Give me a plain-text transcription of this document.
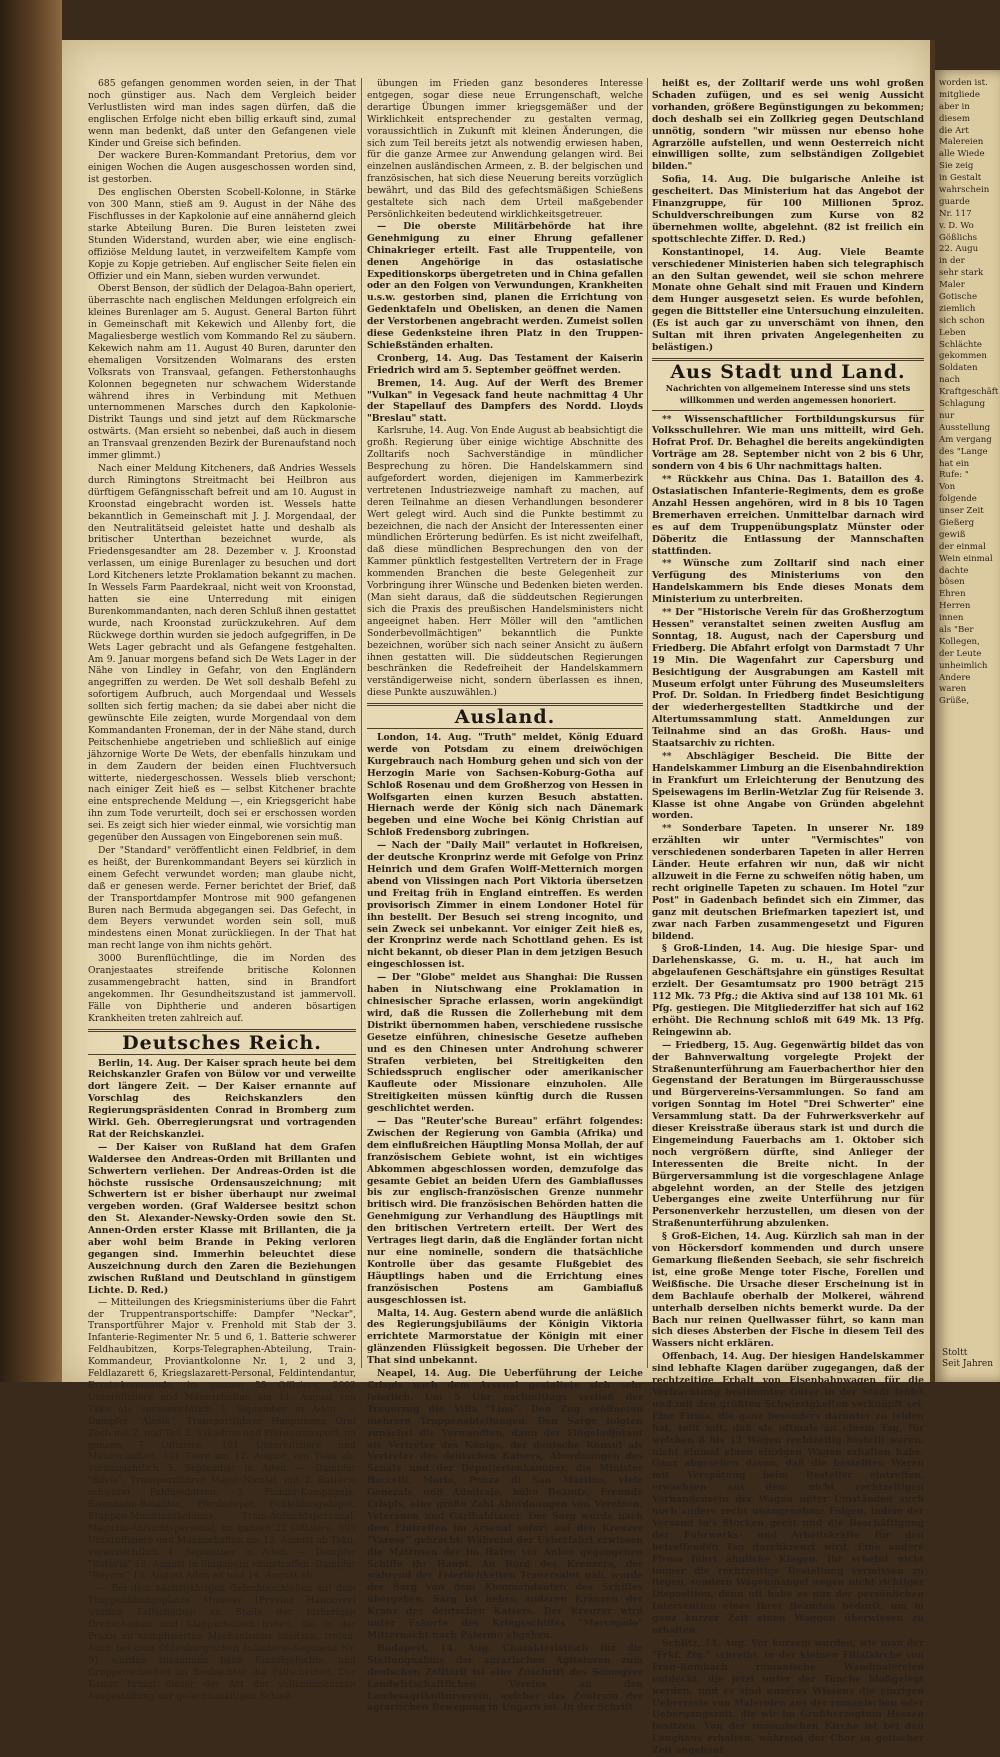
685 gefangen genommen worden seien, in der That noch günstiger aus. Nach dem Vergleich beider Verlustlisten wird man indes sagen dürfen, daß die englischen Erfolge nicht eben billig erkauft sind, zumal wenn man bedenkt, daß unter den Gefangenen viele Kinder und Greise sich befinden.

Der wackere Buren-Kommandant Pretorius, dem vor einigen Wochen die Augen ausgeschossen worden sind, ist gestorben.

Des englischen Obersten Scobell-Kolonne, in Stärke von 300 Mann, stieß am 9. August in der Nähe des Fischflusses in der Kapkolonie auf eine annähernd gleich starke Abteilung Buren. Die Buren leisteten zwei Stunden Widerstand, wurden aber, wie eine englisch-offiziöse Meldung lautet, in verzweifeltem Kampfe vom Kopje zu Kopje getrieben. Auf englischer Seite fielen ein Offizier und ein Mann, sieben wurden verwundet.

Oberst Benson, der südlich der Delagoa-Bahn operiert, überraschte nach englischen Meldungen erfolgreich ein kleines Burenlager am 5. August. General Barton führt in Gemeinschaft mit Kekewich und Allenby fort, die Magaliesberge westlich vom Kommando Rel zu säubern. Kekewich nahm am 11. August 40 Buren, darunter den ehemaligen Vorsitzenden Wolmarans des ersten Volksrats von Transvaal, gefangen. Fetherstonhaughs Kolonnen begegneten nur schwachem Widerstande während ihres in Verbindung mit Methuen unternommenen Marsches durch den Kapkolonie-Distrikt Taungs und sind jetzt auf dem Rückmarsche ostwärts. (Man ersieht so nebenbei, daß auch in diesem an Transvaal grenzenden Bezirk der Burenaufstand noch immer glimmt.)

Nach einer Meldung Kitcheners, daß Andries Wessels durch Rimingtons Streitmacht bei Heilbron aus dürftigem Gefängnisschaft befreit und am 10. August in Kroonstad eingebracht worden ist. Wessels hatte bekanntlich in Gemeinschaft mit J. J. Morgendaal, der den Neutralitätseid geleistet hatte und deshalb als britischer Unterthan bezeichnet wurde, als Friedensgesandter am 28. Dezember v. J. Kroonstad verlassen, um einige Burenlager zu besuchen und dort Lord Kitcheners letzte Proklamation bekannt zu machen. In Wessels Farm Paardekraal, nicht weit von Kroonstad, hatten sie eine Unterredung mit einigen Burenkommandanten, nach deren Schluß ihnen gestattet wurde, nach Kroonstad zurückzukehren. Auf dem Rückwege dorthin wurden sie jedoch aufgegriffen, in De Wets Lager gebracht und als Gefangene festgehalten. Am 9. Januar morgens befand sich De Wets Lager in der Nähe von Lindley in Gefahr, von den Engländern angegriffen zu werden. De Wet soll deshalb Befehl zu sofortigem Aufbruch, auch Morgendaal und Wessels sollten sich fertig machen; da sie dabei aber nicht die gewünschte Eile zeigten, wurde Morgendaal von dem Kommandanten Froneman, der in der Nähe stand, durch Peitschenhiebe angetrieben und schließlich auf einige jähzornige Worte De Wets, der ebenfalls hinzukam und in dem Zaudern der beiden einen Fluchtversuch witterte, niedergeschossen. Wessels blieb verschont; nach einiger Zeit hieß es — selbst Kitchener brachte eine entsprechende Meldung —, ein Kriegsgericht habe ihn zum Tode verurteilt, doch sei er erschossen worden sei. Es zeigt sich hier wieder einmal, wie vorsichtig man gegenüber den Aussagen von Eingeborenen sein muß.

Der "Standard" veröffentlicht einen Feldbrief, in dem es heißt, der Burenkommandant Beyers sei kürzlich in einem Gefecht verwundet worden; man glaube nicht, daß er genesen werde. Ferner berichtet der Brief, daß der Transportdampfer Montrose mit 900 gefangenen Buren nach Bermuda abgegangen sei. Das Gefecht, in dem Beyers verwundet worden sein soll, muß mindestens einen Monat zurückliegen. In der That hat man recht lange von ihm nichts gehört.

3000 Burenflüchtlinge, die im Norden des Oranjestaates streifende britische Kolonnen zusammengebracht hatten, sind in Brandfort angekommen. Ihr Gesundheitszustand ist jammervoll. Fälle von Diphtherie und anderen bösartigen Krankheiten treten zahlreich auf.

Deutsches Reich.

Berlin, 14. Aug. Der Kaiser sprach heute bei dem Reichskanzler Grafen von Bülow vor und verweilte dort längere Zeit. — Der Kaiser ernannte auf Vorschlag des Reichskanzlers den Regierungspräsidenten Conrad in Bromberg zum Wirkl. Geh. Oberregierungsrat und vortragenden Rat der Reichskanzlei.

— Der Kaiser von Rußland hat dem Grafen Waldersee den Andreas-Orden mit Brillanten und Schwertern verliehen. Der Andreas-Orden ist die höchste russische Ordensauszeichnung; mit Schwertern ist er bisher überhaupt nur zweimal vergeben worden. (Graf Waldersee besitzt schon den St. Alexander-Newsky-Orden sowie den St. Annen-Orden erster Klasse mit Brillanten, die ja aber wohl beim Brande in Peking verloren gegangen sind. Immerhin beleuchtet diese Auszeichnung durch den Zaren die Beziehungen zwischen Rußland und Deutschland in günstigem Lichte. D. Red.)

— Mitteilungen des Kriegsministeriums über die Fahrt der Truppentransportschiffe: Dampfer "Neckar", Transportführer Major v. Frenhold mit Stab der 3. Infanterie-Regimenter Nr. 5 und 6, 1. Batterie schwerer Feldhaubitzen, Korps-Telegraphen-Abteilung, Train-Kommandeur, Proviantkolonne Nr. 1, 2 und 3, Feldlazarett 6, Kriegslazarett-Personal, Feldintendantur, Ersatz-kommando, im ganzen 55 Offiziere, 2002 Unteroffiziere und Mannschaften am 11. August von Taku ab; voraussichtlich 3. September in Aden. — Dampfer "Alesia", Transportführer Hauptmann Graf Zech mit 2. und Teil 3. Eskadron und Pferdetransport, im ganzen 7 Offiziere, 101 Unteroffiziere und Mannschaften, 401 Tiere am 12. August von Taku ab, voraussichtlich 3. September in Aden. — Dampfer "Silvia", Transportführer Major Nicolai, mit 2. Batterie schwerer Feldhaubitzen, 3. Pionier-Kompagnie, Eisenbahn-Bataillon, Pferdedepot, Bekleidungsdepot, Etappen-Munitionskolonne, Train-Aufsichtspersonal, Magazin-Aufsichtspersonal, im ganzen 22 Offiziere, 995 Unteroffiziere und Mannschaften am 12. August ab Taku, voraussichtlich 4. September in Aden. — Dampfer "Batavia" 13. August in Singapore eingetroffen. Dampfer "Bayern" 13. August Aden an und 14. August ab.

— Bei dem nächstjährigen Gefechtsschießen auf dem Truppenübungsplatze Munster (Provinz Hannover) werden Fallscheiben an Stelle der bisherigen Drehscheiben und Klappscheiben treten, die in der Praxis zu komplizierten Mechanismus besitzen, treten. Auch bei dem Oldenburgischen Infanterie-Regiment Nr. 91 werden zusammen beim Einzelgefechts- und Gruppenschießen im Beobachter die Fallscheiben. Der Kaiser bringt dieser der Art der vollkommeneren Ausgestaltung der gefechtsmäßigen Schieß-

übungen im Frieden ganz besonderes Interesse entgegen, sogar diese neue Errungenschaft, welche derartige Übungen immer kriegsgemäßer und der Wirklichkeit entsprechender zu gestalten vermag, voraussichtlich in Zukunft mit kleinen Änderungen, die sich zum Teil bereits jetzt als notwendig erwiesen haben, für die ganze Armee zur Anwendung gelangen wird. Bei einzelnen ausländischen Armeen, z. B. der belgischen und französischen, hat sich diese Neuerung bereits vorzüglich bewährt, und das Bild des gefechtsmäßigen Schießens gestaltete sich nach dem Urteil maßgebender Persönlichkeiten bedeutend wirklichkeitsgetreuer.

— Die oberste Militärbehörde hat ihre Genehmigung zu einer Ehrung gefallener Chinakrieger erteilt. Fast alle Truppenteile, von denen Angehörige in das ostasiatische Expeditionskorps übergetreten und in China gefallen oder an den Folgen von Verwundungen, Krankheiten u.s.w. gestorben sind, planen die Errichtung von Gedenktafeln und Obelisken, an denen die Namen der Verstorbenen angebracht werden. Zumeist sollen diese Gedenksteine ihren Platz in den Truppen-Schießständen erhalten.

Cronberg, 14. Aug. Das Testament der Kaiserin Friedrich wird am 5. September geöffnet werden.

Bremen, 14. Aug. Auf der Werft des Bremer "Vulkan" in Vegesack fand heute nachmittag 4 Uhr der Stapellauf des Dampfers des Nordd. Lloyds "Breslau" statt.

Karlsruhe, 14. Aug. Von Ende August ab beabsichtigt die großh. Regierung über einige wichtige Abschnitte des Zolltarifs noch Sachverständige in mündlicher Besprechung zu hören. Die Handelskammern sind aufgefordert worden, diejenigen im Kammerbezirk vertretenen Industriezweige namhaft zu machen, auf deren Teilnahme an diesen Verhandlungen besonderer Wert gelegt wird. Auch sind die Punkte bestimmt zu bezeichnen, die nach der Ansicht der Interessenten einer mündlichen Erörterung bedürfen. Es ist nicht zweifelhaft, daß diese mündlichen Besprechungen den von der Kammer pünktlich festgestellten Vertretern der in Frage kommenden Branchen die beste Gelegenheit zur Vorbringung ihrer Wünsche und Bedenken bieten werden. (Man sieht daraus, daß die süddeutschen Regierungen sich die Praxis des preußischen Handelsministers nicht angeeignet haben. Herr Möller will den "amtlichen Sonderbevollmächtigen" bekanntlich die Punkte bezeichnen, worüber sich nach seiner Ansicht zu äußern ihnen gestatten will. Die süddeutschen Regierungen beschränken die Redefreiheit der Handelskammern verständigerweise nicht, sondern überlassen es ihnen, diese Punkte auszuwählen.)

Ausland.

London, 14. Aug. "Truth" meldet, König Eduard werde von Potsdam zu einem dreiwöchigen Kurgebrauch nach Homburg gehen und sich von der Herzogin Marie von Sachsen-Koburg-Gotha auf Schloß Rosenau und dem Großherzog von Hessen in Wolfsgarten einen kurzen Besuch abstatten. Hiernach werde der König sich nach Dänemark begeben und eine Woche bei König Christian auf Schloß Fredensborg zubringen.

— Nach der "Daily Mail" verlautet in Hofkreisen, der deutsche Kronprinz werde mit Gefolge von Prinz Heinrich und dem Grafen Wolff-Metternich morgen abend von Vlissingen nach Port Viktoria übersetzen und Freitag früh in England eintreffen. Es werden provisorisch Zimmer in einem Londoner Hotel für ihn bestellt. Der Besuch sei streng incognito, und sein Zweck sei unbekannt. Vor einiger Zeit hieß es, der Kronprinz werde nach Schottland gehen. Es ist nicht bekannt, ob dieser Plan in dem jetzigen Besuch eingeschlossen ist.

— Der "Globe" meldet aus Shanghai: Die Russen haben in Niutschwang eine Proklamation in chinesischer Sprache erlassen, worin angekündigt wird, daß die Russen die Zollerhebung mit dem Distrikt übernommen haben, verschiedene russische Gesetze einführen, chinesische Gesetze aufheben und es den Chinesen unter Androhung schwerer Strafen verbieten, bei Streitigkeiten den Schiedsspruch englischer oder amerikanischer Kaufleute oder Missionare einzuholen. Alle Streitigkeiten müssen künftig durch die Russen geschlichtet werden.

— Das "Reuter'sche Bureau" erfährt folgendes: Zwischen der Regierung von Gambia (Afrika) und dem einflußreichen Häuptling Monsa Mollah, der auf französischem Gebiete wohnt, ist ein wichtiges Abkommen abgeschlossen worden, demzufolge das gesamte Gebiet an beiden Ufern des Gambiaflusses bis zur englisch-französischen Grenze nunmehr britisch wird. Die französischen Behörden hatten die Genehmigung zur Verhandlung des Häuptlings mit den britischen Vertretern erteilt. Der Wert des Vertrages liegt darin, daß die Engländer fortan nicht nur eine nominelle, sondern die thatsächliche Kontrolle über das gesamte Flußgebiet des Häuptlings haben und die Errichtung eines französischen Postens am Gambiafluß ausgeschlossen ist.

Malta, 14. Aug. Gestern abend wurde die anläßlich des Regierungsjubiläums der Königin Viktoria errichtete Marmorstatue der Königin mit einer glänzenden Flüssigkeit begossen. Die Urheber der That sind unbekannt.

Neapel, 14. Aug. Die Ueberführung der Leiche Crispis nach dem Arsenal gestaltete sich sehr feierlich. Um 5 Uhr nachmittags verließ der Trauerzug die Villa "Lina". Den Zug eröffneten mehrere Truppenabteilungen. Den Sarge folgten zunächst die Verwandten, dann der Flügeladjutant als Vertreter des Königs, der deutsche Konsul als Vertreter des deutschen Kaisers, Abordnungen des Senats und der Deputiertenkammer, die Minister Baccelli, Morin, Ponza di San Martino, viele Generale und Admirale, hohe Beamte, Freunde Crispis, eine große Zahl Abordnungen von Vereinen, Veteranen und Garibaldianer. Der Sarg wurde nach dem Eintreffen im Arsenal sofort auf den Kreuzer "Varese" gebracht. Während der Ueberfahrt erwiesen die Matrosen der im Hafen vor Anker gegangenen Schiffe ihr Haupt. An Bord des Kreuzers, der während der Feierlichkeiten Trauersalut gab, wurde der Sarg von dem Kommandanten des Schiffes übergeben. Sarg ist neben anderen Kränzen der Kranz des deutschen Kaisers. Der Kreuzer wird unter Eskorte des Kriegsschiffes "Marcopolo" Mitternacht nach Palermo abgehen.

Budapest, 14. Aug. Charakteristisch für die Stellungnahme der agrarischen Agitatoren zum deutschen Zolltarif ist eine Zuschrift des Somogyer Landwirtschaftlichen Vereins an den Landesagrikulturverein, welcher das Zentrum der agrarischen Bewegung in Ungarn ist. In der Schrift

heißt es, der Zolltarif werde uns wohl großen Schaden zufügen, und es sei wenig Aussicht vorhanden, größere Begünstigungen zu bekommen; doch deshalb sei ein Zollkrieg gegen Deutschland unnötig, sondern "wir müssen nur ebenso hohe Agrarzölle aufstellen, und wenn Oesterreich nicht einwilligen sollte, zum selbständigen Zollgebiet bilden."

Sofia, 14. Aug. Die bulgarische Anleihe ist gescheitert. Das Ministerium hat das Angebot der Finanzgruppe, für 100 Millionen 5proz. Schuldverschreibungen zum Kurse von 82 übernehmen wollte, abgelehnt. (82 ist freilich ein spottschlechte Ziffer. D. Red.)

Konstantinopel, 14. Aug. Viele Beamte verschiedener Ministerien haben sich telegraphisch an den Sultan gewendet, weil sie schon mehrere Monate ohne Gehalt sind mit Frauen und Kindern dem Hunger ausgesetzt seien. Es wurde befohlen, gegen die Bittsteller eine Untersuchung einzuleiten. (Es ist auch gar zu unverschämt von ihnen, den Sultan mit ihren privaten Angelegenheiten zu belästigen.)

Aus Stadt und Land.
Nachrichten von allgemeinem Interesse sind uns stets willkommen und werden angemessen honoriert.

** Wissenschaftlicher Fortbildungskursus für Volksschullehrer. Wie man uns mitteilt, wird Geh. Hofrat Prof. Dr. Behaghel die bereits angekündigten Vorträge am 28. September nicht von 2 bis 6 Uhr, sondern von 4 bis 6 Uhr nachmittags halten.

** Rückkehr aus China. Das 1. Bataillon des 4. Ostasiatischen Infanterie-Regiments, dem es große Anzahl Hessen angehören, wird in 8 bis 10 Tagen Bremerhaven erreichen. Unmittelbar darnach wird es auf dem Truppenübungsplatz Münster oder Döberitz die Entlassung der Mannschaften stattfinden.

** Wünsche zum Zolltarif sind nach einer Verfügung des Ministeriums von den Handelskammern bis Ende dieses Monats dem Ministerium zu unterbreiten.

** Der "Historische Verein für das Großherzogtum Hessen" veranstaltet seinen zweiten Ausflug am Sonntag, 18. August, nach der Capersburg und Friedberg. Die Abfahrt erfolgt von Darmstadt 7 Uhr 19 Min. Die Wagenfahrt zur Capersburg und Besichtigung der Ausgrabungen am Kastell mit Museum erfolgt unter Führung des Museumsleiters Prof. Dr. Soldan. In Friedberg findet Besichtigung der wiederhergestellten Stadtkirche und der Altertumssammlung statt. Anmeldungen zur Teilnahme sind an das Großh. Haus- und Staatsarchiv zu richten.

** Abschlägiger Bescheid. Die Bitte der Handelskammer Limburg an die Eisenbahndirektion in Frankfurt um Erleichterung der Benutzung des Speisewagens im Berlin-Wetzlar Zug für Reisende 3. Klasse ist ohne Angabe von Gründen abgelehnt worden.

** Sonderbare Tapeten. In unserer Nr. 189 erzählten wir unter "Vermischtes" von verschiedenen sonderbaren Tapeten in aller Herren Länder. Heute erfahren wir nun, daß wir nicht allzuweit in die Ferne zu schweifen nötig haben, um recht originelle Tapeten zu schauen. Im Hotel "zur Post" in Gadenbach befindet sich ein Zimmer, das ganz mit deutschen Briefmarken tapeziert ist, und zwar nach Farben zusammengesetzt und Figuren bildend.

§ Groß-Linden, 14. Aug. Die hiesige Spar- und Darlehenskasse, G. m. u. H., hat auch im abgelaufenen Geschäftsjahre ein günstiges Resultat erzielt. Der Gesamtumsatz pro 1900 beträgt 215 112 Mk. 73 Pfg.; die Aktiva sind auf 138 101 Mk. 61 Pfg. gestiegen. Die Mitgliederziffer hat sich auf 162 erhöht. Die Rechnung schloß mit 649 Mk. 13 Pfg. Reingewinn ab.

— Friedberg, 15. Aug. Gegenwärtig bildet das von der Bahnverwaltung vorgelegte Projekt der Straßenunterführung am Fauerbacherthor hier den Gegenstand der Beratungen im Bürgerausschusse und Bürgervereins-Versammlungen. So fand am vorigen Sonntag im Hotel "Drei Schwerter" eine Versammlung statt. Da der Fuhrwerksverkehr auf dieser Kreisstraße überaus stark ist und durch die Eingemeindung Fauerbachs am 1. Oktober sich noch vergrößern dürfte, sind Anlieger der Interessenten die Breite nicht. In der Bürgerversammlung ist die vorgeschlagene Anlage abgelehnt worden, an der Stelle des jetzigen Ueberganges eine zweite Unterführung nur für Personenverkehr herzustellen, um diesen von der Straßenunterführung abzulenken.

§ Groß-Eichen, 14. Aug. Kürzlich sah man in der von Höckersdorf kommenden und durch unsere Gemarkung fließenden Seebach, sie sehr fischreich ist, eine große Menge toter Fische, Forellen und Weißfische. Die Ursache dieser Erscheinung ist in dem Bachlaufe oberhalb der Molkerei, während unterhalb derselben nichts bemerkt wurde. Da der Bach nur reinen Quellwasser führt, so kann man sich dieses Absterben der Fische in diesem Teil des Wassers nicht erklären.

Offenbach, 14. Aug. Der hiesigen Handelskammer sind lebhafte Klagen darüber zugegangen, daß der rechtzeitige Erhalt von Eisenbahnwagen für die Verfrachtung bestimmter Güter in der Stadt leidet und mit den größten Schwierigkeiten verknüpft sei. Eine Firma, die ganz besonders darunter zu leiden hat, teilt mit, daß sie oftmals an einem Tag, für welchen 8 bis 12 Wagen rechtzeitig bestellt waren, nicht einmal einen einzigen Wagen erhalten habe. Ganz abgesehen davon, daß die bestellten Waren mit Verspätung beim Besteller eintreffen, erwachsen aus dem nicht rechtzeitigen Vorhandensein der Wagen unter Umständen auch noch andere recht unangenehme Folgen, indem der Versand in's Stocken gerät und die Beschäftigung der Fuhrwerks- und Arbeitskräfte für den betreffenden Tag durchkreuzt wird. Eine andere Firma führt ähnliche Klagen. Ihr scheint nicht immer die rechtzeitige Bestellung vermissen zu liegen, sondern Wagenmangel wegen nicht richtiger Disposition, denn oft habe es nur der persönlichen Intervention eines ihrer Beamten bedurft, um in ganz kurzer Zeit einen Waggon überwiesen zu erhalten.

Schlitz, 14. Aug. Vor kurzem wurden, wie man der "Frkf. Ztg." schreibt, in der kleinen Filialkirche von Frau-Rombach romanische Wandmalereien entdeckt, die jetzt unter der Tünche bloßgelegt werden, und es sind unseres Wissens die einzigen Ueberreste von Malereien aus der romanischen oder Uebergangszeit, die wir im Großherzogtum Hessen besitzen. Von der romanischen Kirche ist bei den Langhaus erhalten, während der Chor in gotischer Zeit angebaut

worden ist.
mitgliede
aber in
diesem
die Art
Malereien
alle Wiede
Sie zeig
in Gestalt
wahrschein
guarde
Nr. 117
v. D. Wo
Gößlichs
22. Augu
in der
sehr stark
Maler
Gotische
ziemlich
sich schon
Leben
Schlächte
gekommen
Soldaten
nach
Kraftgeschäft
Schlagung
nur
Ausstellung
Am vergang
des "Lange
hat ein
Rufe: "
Von
folgende
unser Zeit
Gießerg
gewiß
der einmal
Wein einmal
dachte
bösen
Ehren
Herren
innen
als "Ber
Kollegen,
der Leute
unheimlich
Andere
waren
Grüße,
Stoltt
Seit Jahren
